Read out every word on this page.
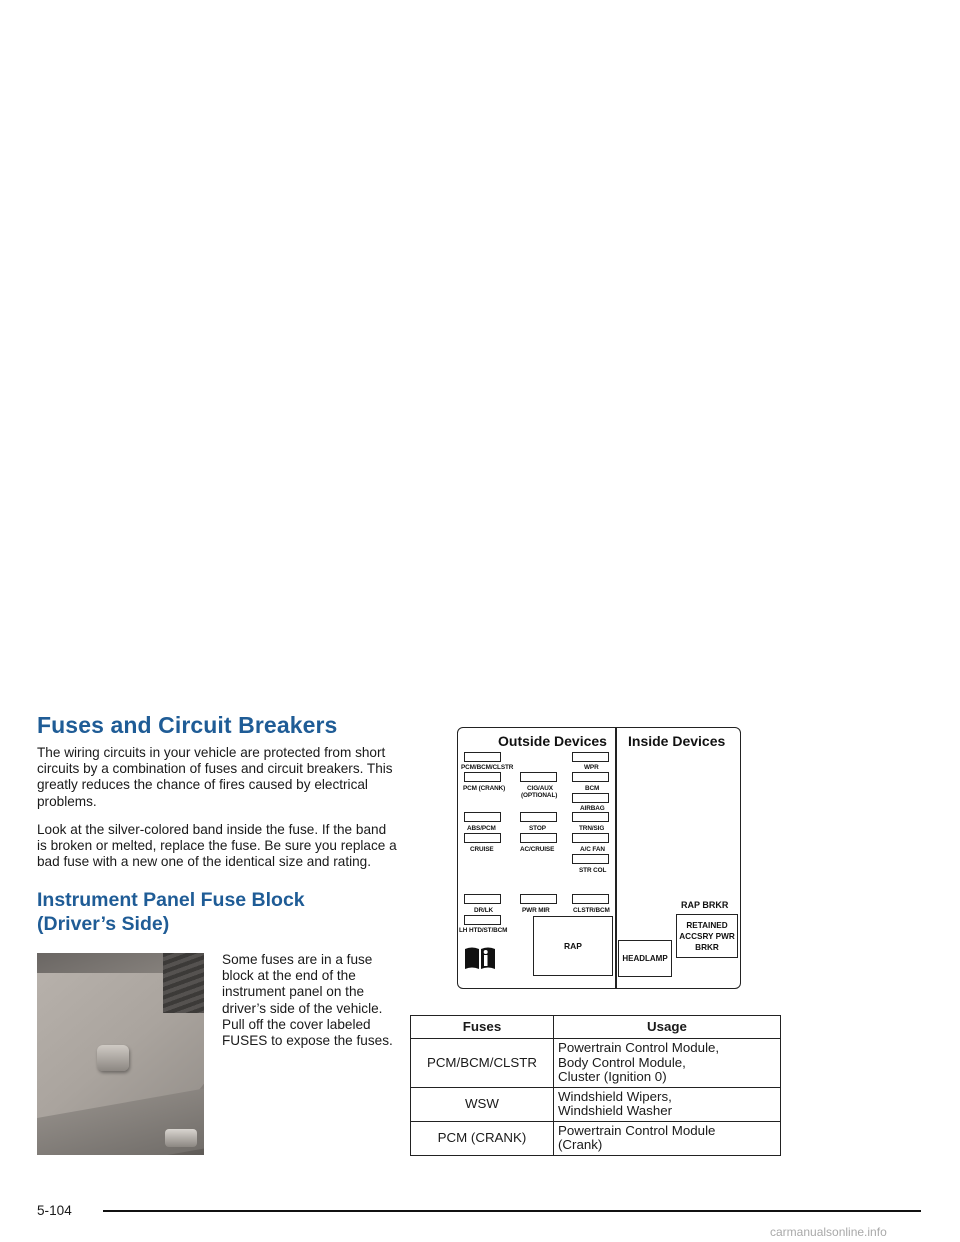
Fuses and Circuit Breakers

The wiring circuits in your vehicle are protected from short circuits by a combination of fuses and circuit breakers. This greatly reduces the chance of fires caused by electrical problems.

Look at the silver-colored band inside the fuse. If the band is broken or melted, replace the fuse. Be sure you replace a bad fuse with a new one of the identical size and rating.

Instrument Panel Fuse Block (Driver’s Side)

Some fuses are in a fuse block at the end of the instrument panel on the driver’s side of the vehicle. Pull off the cover labeled FUSES to expose the fuses.

Outside Devices Inside Devices
PCM/BCM/CLSTR
PCM (CRANK)
ABS/PCM
CRUISE
DR/LK
LH HTD/ST/BCM
CIG/AUX
(OPTIONAL)
STOP
AC/CRUISE
PWR MIR
WPR
BCM
AIRBAG
TRN/SIG
A/C FAN
STR COL
CLSTR/BCM
RAP
HEADLAMP
RAP BRKR
RETAINED
ACCSRY PWR
BRKR
Fuses	Usage
PCM/BCM/CLSTR	Powertrain Control Module,
Body Control Module,
Cluster (Ignition 0)

WSW	Windshield Wipers,
Windshield Washer

PCM (CRANK)	Powertrain Control Module
(Crank)
5-104
carmanualsonline.info
